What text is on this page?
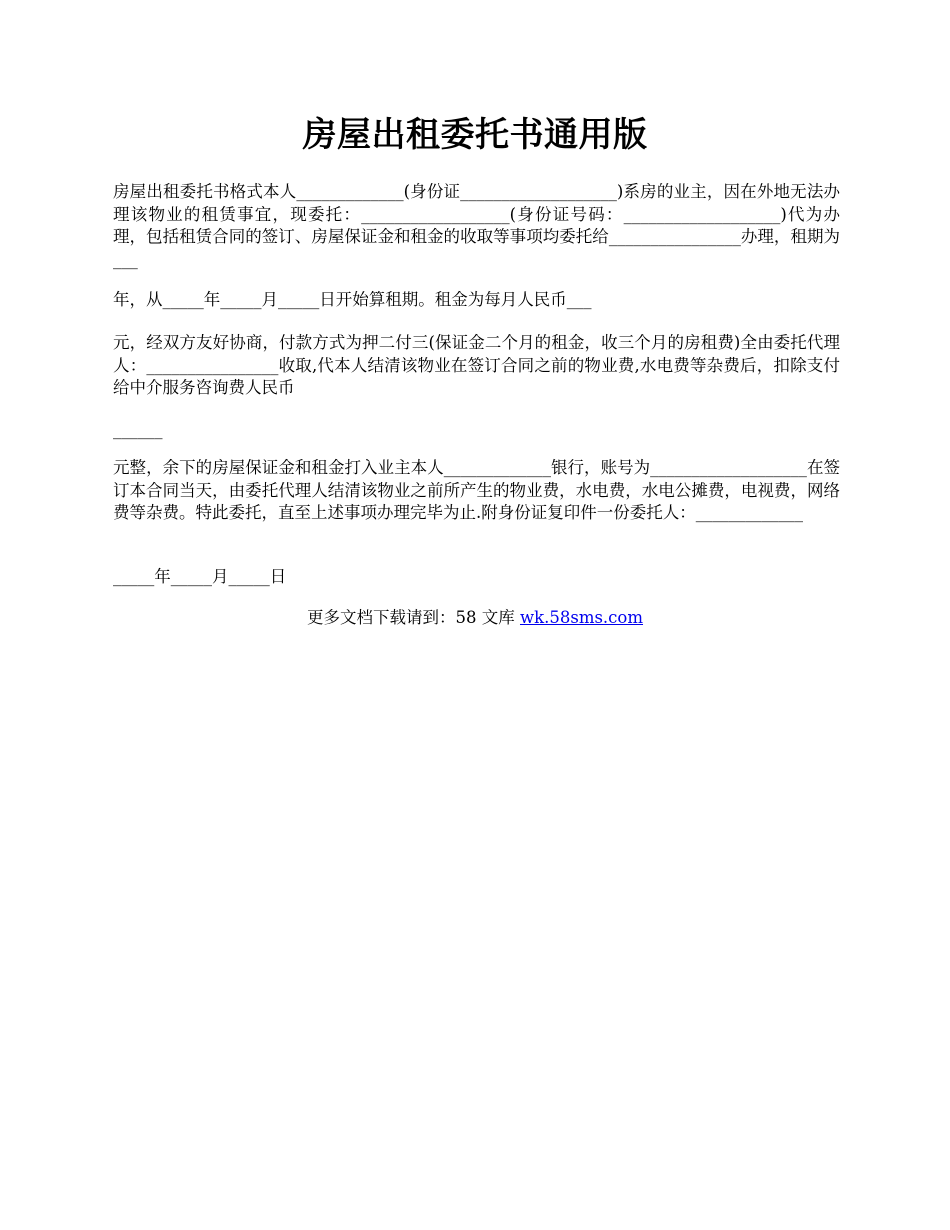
房屋出租委托书通用版
房屋出租委托书格式本人_____________(身份证___________________)系房的业主，因在外地无法办理该物业的租赁事宜，现委托：__________________(身份证号码：___________________)代为办理，包括租赁合同的签订、房屋保证金和租金的收取等事项均委托给________________办理，租期为___
年，从_____年_____月_____日开始算租期。租金为每月人民币___
元，经双方友好协商，付款方式为押二付三(保证金二个月的租金，收三个月的房租费)全由委托代理人：________________收取,代本人结清该物业在签订合同之前的物业费,水电费等杂费后，扣除支付给中介服务咨询费人民币
______
元整，余下的房屋保证金和租金打入业主本人_____________银行，账号为___________________在签订本合同当天，由委托代理人结清该物业之前所产生的物业费，水电费，水电公摊费，电视费，网络费等杂费。特此委托，直至上述事项办理完毕为止.附身份证复印件一份委托人：_____________
_____年_____月_____日
更多文档下载请到：58 文库 wk.58sms.com
